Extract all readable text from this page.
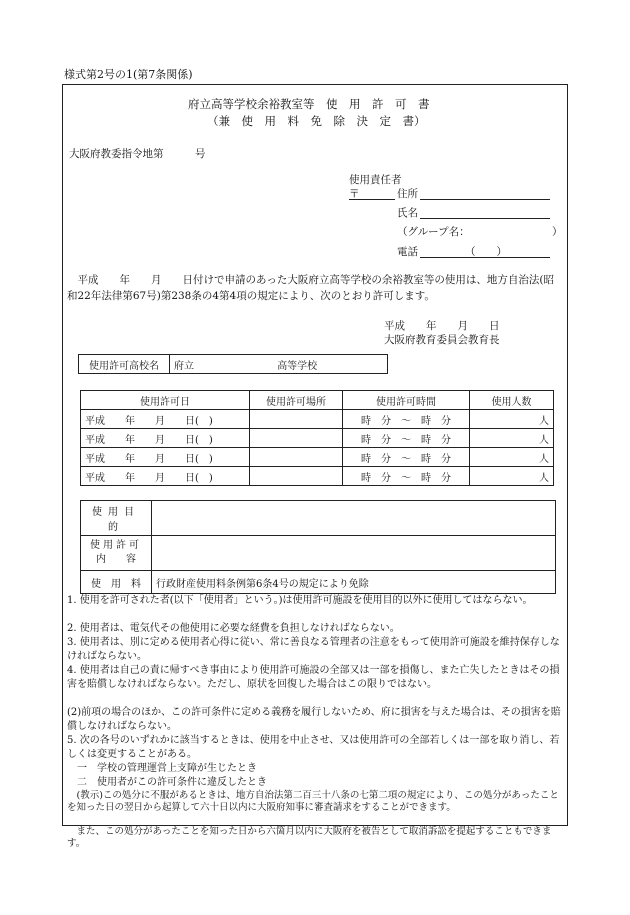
様式第2号の1(第7条関係)
府立高等学校余裕教室等　使　用　許　可　書
（兼　使　用　料　免　除　決　定　書）
大阪府教委指令地第　　　号
使用責任者
〒	住所
氏名
（グループ名：	）
電話	（　　）
　平成　　年　　月　　日付けで申請のあった大阪府立高等学校の余裕教室等の使用は、地方自治法(昭和22年法律第67号)第238条の4第4項の規定により、次のとおり許可します。
平成　　年　　月　　日
大阪府教育委員会教育長
使用許可高校名	府立	高等学校
使用許可日	使用許可場所	使用許可時間	使用人数
平成　　年　　月　　日(　)		時　分　～　時　分	人
平成　　年　　月　　日(　)		時　分　～　時　分	人
平成　　年　　月　　日(　)		時　分　～　時　分	人
平成　　年　　月　　日(　)		時　分　～　時　分	人
使用目的	

使用許可
内　　容	

使　用　料	行政財産使用料条例第6条4号の規定により免除
1. 使用を許可された者(以下「使用者」という。)は使用許可施設を使用目的以外に使用してはならない。
2. 使用者は、電気代その他使用に必要な経費を負担しなければならない。
3. 使用者は、別に定める使用者心得に従い、常に善良なる管理者の注意をもって使用許可施設を維持保存しなければならない。
4. 使用者は自己の責に帰すべき事由により使用許可施設の全部又は一部を損傷し、また亡失したときはその損害を賠償しなければならない。ただし、原状を回復した場合はこの限りではない。
(2)前項の場合のほか、この許可条件に定める義務を履行しないため、府に損害を与えた場合は、その損害を賠償しなければならない。
5. 次の各号のいずれかに該当するときは、使用を中止させ、又は使用許可の全部若しくは一部を取り消し、若しくは変更することがある。
　一　学校の管理運営上支障が生じたとき
　二　使用者がこの許可条件に違反したとき
　(教示)この処分に不服があるときは、地方自治法第二百三十八条の七第二項の規定により、この処分があったことを知った日の翌日から起算して六十日以内に大阪府知事に審査請求をすることができます。
　また、この処分があったことを知った日から六箇月以内に大阪府を被告として取消訴訟を提起することもできます。
